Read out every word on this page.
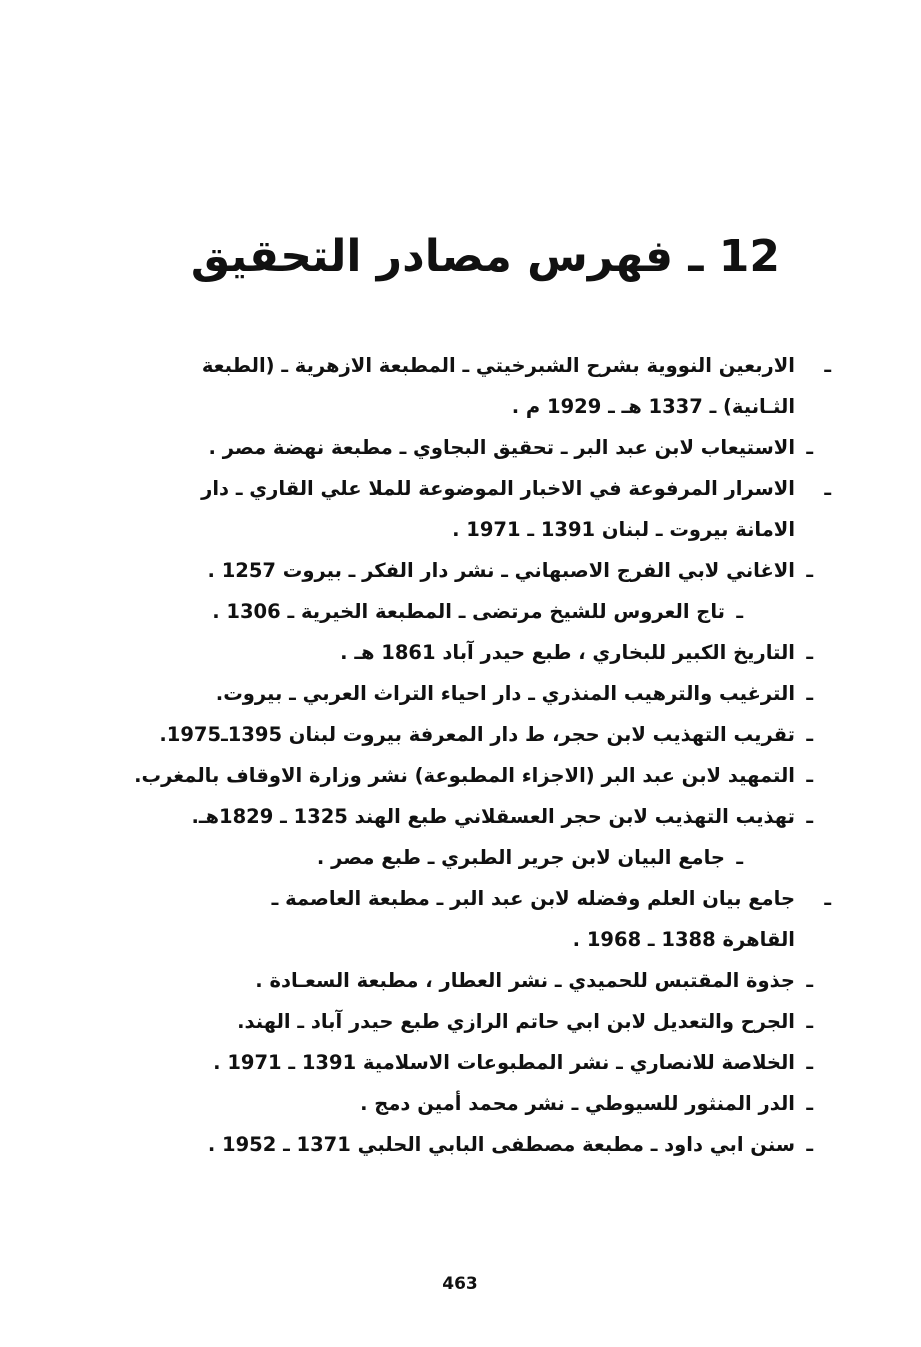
12 ـ فهرس مصادر التحقيق
ـالاربعين النووية بشرح الشبرخيتي ـ المطبعة الازهرية ـ (الطبعة
الثـانية) ـ 1337 هـ ـ 1929 م .
ـالاستيعاب لابن عبد البر ـ تحقيق البجاوي ـ مطبعة نهضة مصر .
ـالاسرار المرفوعة في الاخبار الموضوعة للملا علي القاري ـ دار
الامانة بيروت ـ لبنان 1391 ـ 1971 .
ـالاغاني لابي الفرج الاصبهاني ـ نشر دار الفكر ـ بيروت 1257 .
ـتاج العروس للشيخ مرتضى ـ المطبعة الخيرية ـ 1306 .
ـالتاريخ الكبير للبخاري ، طبع حيدر آباد 1861 هـ .
ـالترغيب والترهيب المنذري ـ دار احياء التراث العربي ـ بيروت.
ـتقريب التهذيب لابن حجر، ط دار المعرفة بيروت لبنان 1395ـ1975.
ـالتمهيد لابن عبد البر (الاجزاء المطبوعة) نشر وزارة الاوقاف بالمغرب.
ـتهذيب التهذيب لابن حجر العسقلاني طبع الهند 1325 ـ 1829هـ.
ـجامع البيان لابن جرير الطبري ـ طبع مصر .
ـجامع بيان العلم وفضله لابن عبد البر ـ مطبعة العاصمة ـ
القاهرة 1388 ـ 1968 .
ـجذوة المقتبس للحميدي ـ نشر العطار ، مطبعة السعـادة .
ـالجرح والتعديل لابن ابي حاتم الرازي طبع حيدر آباد ـ الهند.
ـالخلاصة للانصاري ـ نشر المطبوعات الاسلامية 1391 ـ 1971 .
ـالدر المنثور للسيوطي ـ نشر محمد أمين دمج .
ـسنن ابي داود ـ مطبعة مصطفى البابي الحلبي 1371 ـ 1952 .
463
